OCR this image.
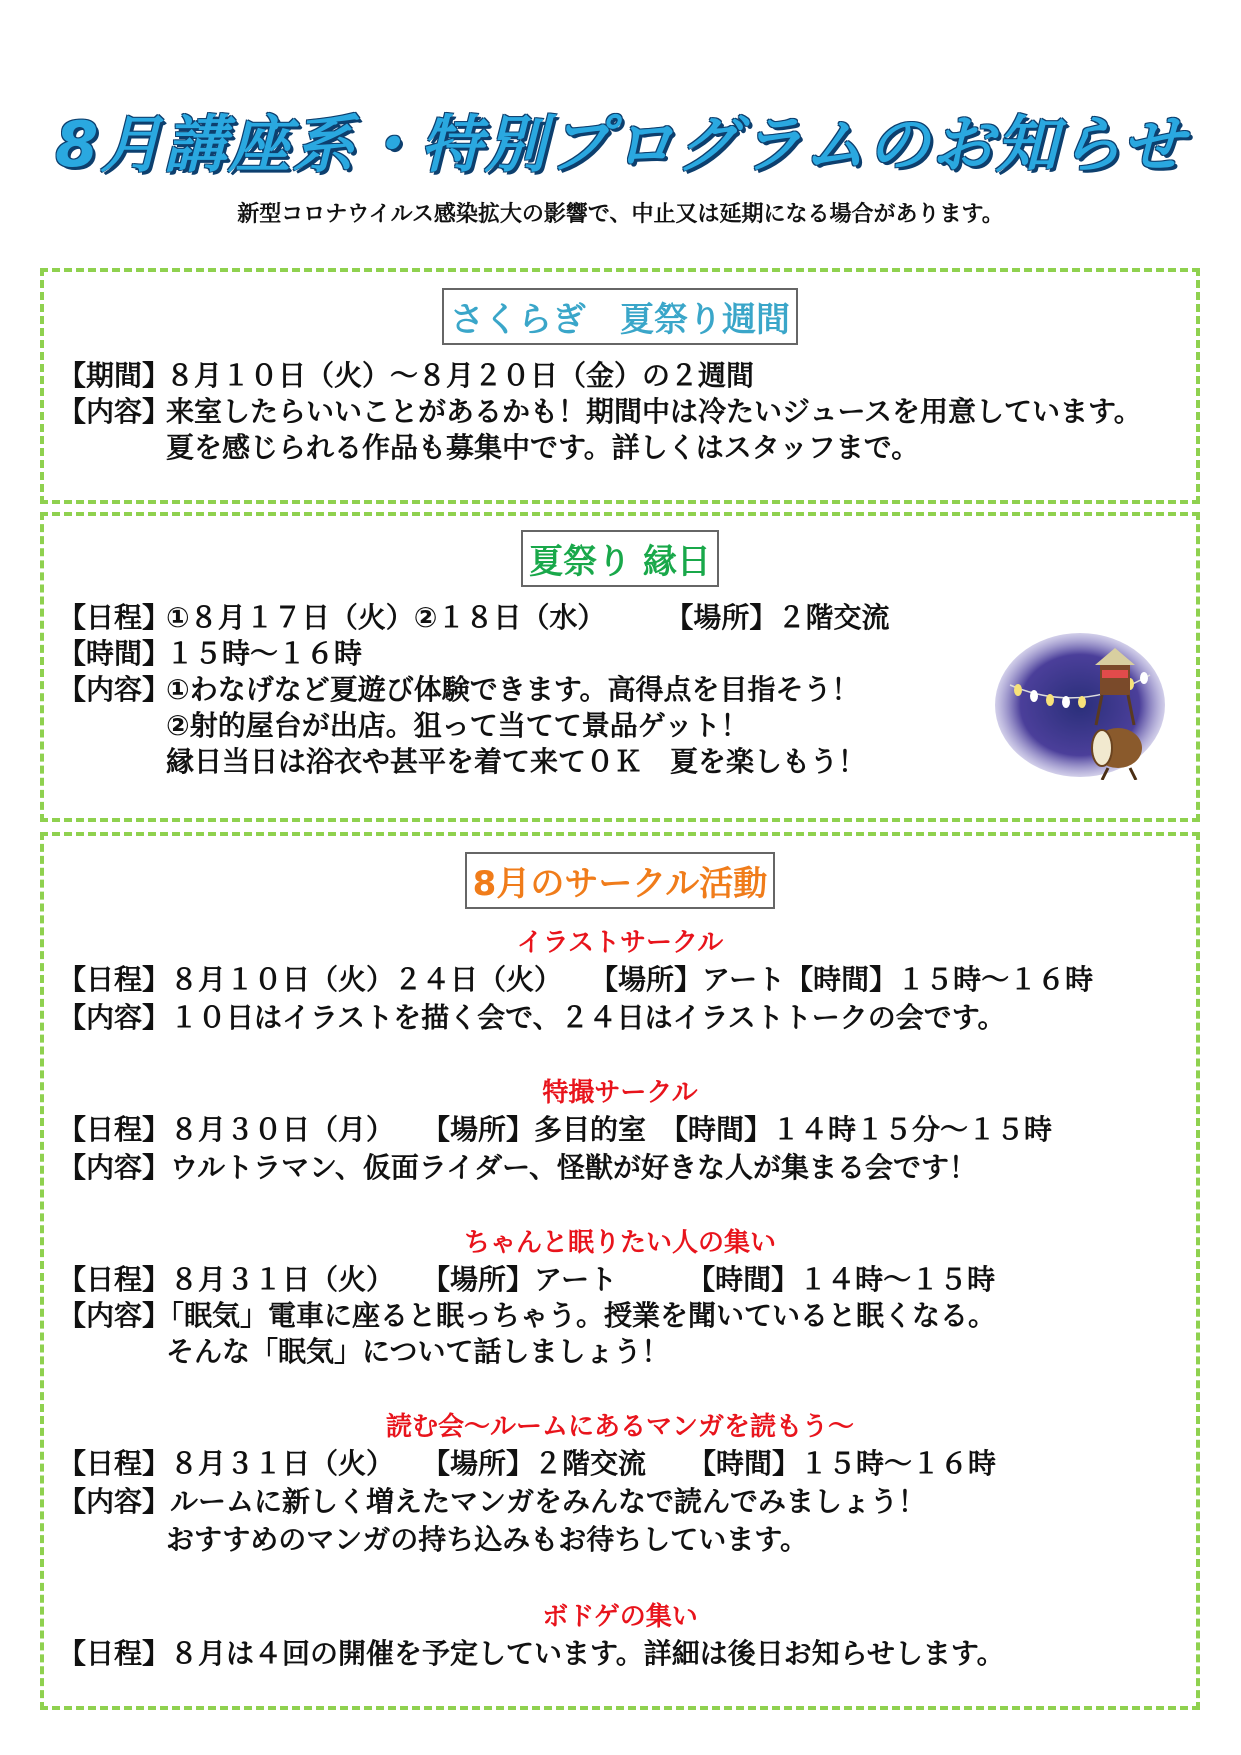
8月講座系・特別プログラムのお知らせ
新型コロナウイルス感染拡大の影響で、中止又は延期になる場合があります。
さくらぎ　夏祭り週間
【期間】８月１０日（火）～８月２０日（金）の２週間
【内容】来室したらいいことがあるかも！期間中は冷たいジュースを用意しています。
夏を感じられる作品も募集中です。詳しくはスタッフまで。
夏祭り 縁日
【日程】①８月１７日（火）②１８日（水） 【場所】２階交流
【時間】１５時～１６時
【内容】①わなげなど夏遊び体験できます。高得点を目指そう！
②射的屋台が出店。狙って当てて景品ゲット！
縁日当日は浴衣や甚平を着て来て０Ｋ　夏を楽しもう！
8月のサークル活動
イラストサークル
【日程】８月１０日（火）２４日（火）　　【場所】アート【時間】１５時～１６時
【内容】１０日はイラストを描く会で、２４日はイラストトークの会です。
特撮サークル
【日程】８月３０日（月）　　【場所】多目的室　【時間】１４時１５分～１５時
【内容】ウルトラマン、仮面ライダー、怪獣が好きな人が集まる会です！
ちゃんと眠りたい人の集い
【日程】８月３１日（火）　　【場所】アート　　　【時間】１４時～１５時
【内容】「眠気」電車に座ると眠っちゃう。授業を聞いていると眠くなる。
そんな「眠気」について話しましょう！
読む会～ルームにあるマンガを読もう～
【日程】８月３１日（火）　　【場所】２階交流　　【時間】１５時～１６時
【内容】ルームに新しく増えたマンガをみんなで読んでみましょう！
おすすめのマンガの持ち込みもお待ちしています。
ボドゲの集い
【日程】８月は４回の開催を予定しています。詳細は後日お知らせします。
